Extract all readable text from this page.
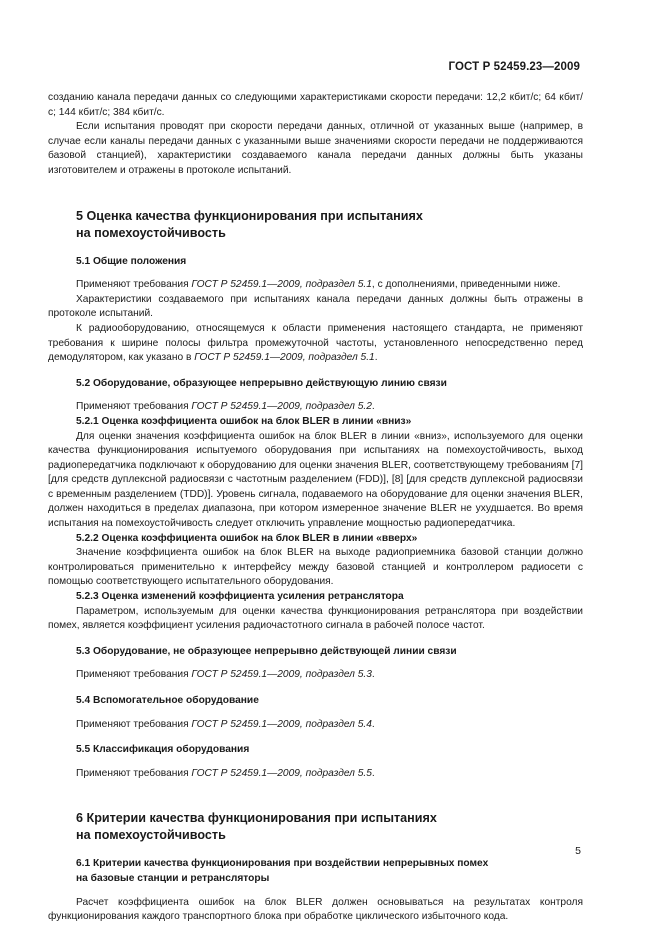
ГОСТ Р 52459.23—2009

созданию канала передачи данных со следующими характеристиками скорости передачи: 12,2 кбит/с; 64 кбит/с; 144 кбит/с; 384 кбит/с.

Если испытания проводят при скорости передачи данных, отличной от указанных выше (например, в случае если каналы передачи данных с указанными выше значениями скорости передачи не поддерживаются базовой станцией), характеристики создаваемого канала передачи данных должны быть указаны изготовителем и отражены в протоколе испытаний.

5 Оценка качества функционирования при испытаниях
на помехоустойчивость
5.1 Общие положения

Применяют требования ГОСТ Р 52459.1—2009, подраздел 5.1, с дополнениями, приведенными ниже.

Характеристики создаваемого при испытаниях канала передачи данных должны быть отражены в протоколе испытаний.

К радиооборудованию, относящемуся к области применения настоящего стандарта, не применяют требования к ширине полосы фильтра промежуточной частоты, установленного непосредственно перед демодулятором, как указано в ГОСТ Р 52459.1—2009, подраздел 5.1.

5.2 Оборудование, образующее непрерывно действующую линию связи

Применяют требования ГОСТ Р 52459.1—2009, подраздел 5.2.

5.2.1 Оценка коэффициента ошибок на блок BLER в линии «вниз»

Для оценки значения коэффициента ошибок на блок BLER в линии «вниз», используемого для оценки качества функционирования испытуемого оборудования при испытаниях на помехоустойчивость, выход радиопередатчика подключают к оборудованию для оценки значения BLER, соответствующему требованиям [7] [для средств дуплексной радиосвязи с частотным разделением (FDD)], [8] [для средств дуплексной радиосвязи с временным разделением (TDD)]. Уровень сигнала, подаваемого на оборудование для оценки значения BLER, должен находиться в пределах диапазона, при котором измеренное значение BLER не ухудшается. Во время испытания на помехоустойчивость следует отключить управление мощностью радиопередатчика.

5.2.2 Оценка коэффициента ошибок на блок BLER в линии «вверх»

Значение коэффициента ошибок на блок BLER на выходе радиоприемника базовой станции должно контролироваться применительно к интерфейсу между базовой станцией и контроллером радиосети с помощью соответствующего испытательного оборудования.

5.2.3 Оценка изменений коэффициента усиления ретранслятора

Параметром, используемым для оценки качества функционирования ретранслятора при воздействии помех, является коэффициент усиления радиочастотного сигнала в рабочей полосе частот.

5.3 Оборудование, не образующее непрерывно действующей линии связи

Применяют требования ГОСТ Р 52459.1—2009, подраздел 5.3.

5.4 Вспомогательное оборудование

Применяют требования ГОСТ Р 52459.1—2009, подраздел 5.4.

5.5 Классификация оборудования

Применяют требования ГОСТ Р 52459.1—2009, подраздел 5.5.

6 Критерии качества функционирования при испытаниях
на помехоустойчивость
6.1 Критерии качества функционирования при воздействии непрерывных помех
на базовые станции и ретрансляторы

Расчет коэффициента ошибок на блок BLER должен основываться на результатах контроля функционирования каждого транспортного блока при обработке циклического избыточного кода.

5
